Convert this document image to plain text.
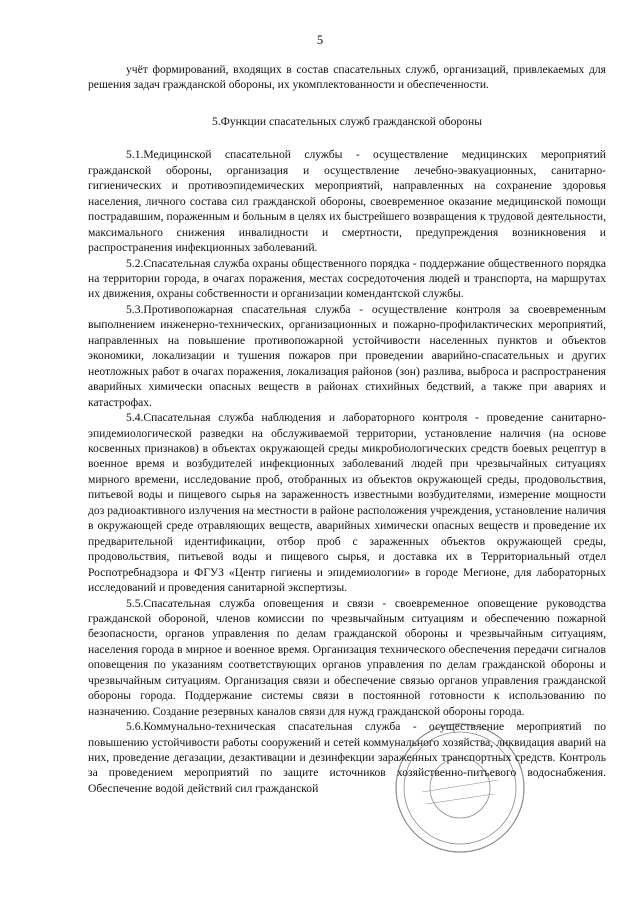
5

учёт формирований, входящих в состав спасательных служб, организаций, привлекаемых для решения задач гражданской обороны, их укомплектованности и обеспеченности.

5.Функции спасательных служб гражданской обороны

5.1.Медицинской спасательной службы - осуществление медицинских мероприятий гражданской обороны, организация и осуществление лечебно-эвакуационных, санитарно-гигиенических и противоэпидемических мероприятий, направленных на сохранение здоровья населения, личного состава сил гражданской обороны, своевременное оказание медицинской помощи пострадавшим, пораженным и больным в целях их быстрейшего возвращения к трудовой деятельности, максимального снижения инвалидности и смертности, предупреждения возникновения и распространения инфекционных заболеваний.

5.2.Спасательная служба охраны общественного порядка - поддержание общественного порядка на территории города, в очагах поражения, местах сосредоточения людей и транспорта, на маршрутах их движения, охраны собственности и организации комендантской службы.

5.3.Противопожарная спасательная служба - осуществление контроля за своевременным выполнением инженерно-технических, организационных и пожарно-профилактических мероприятий, направленных на повышение противопожарной устойчивости населенных пунктов и объектов экономики, локализации и тушения пожаров при проведении аварийно-спасательных и других неотложных работ в очагах поражения, локализация районов (зон) разлива, выброса и распространения аварийных химически опасных веществ в районах стихийных бедствий, а также при авариях и катастрофах.

5.4.Спасательная служба наблюдения и лабораторного контроля - проведение санитарно-эпидемиологической разведки на обслуживаемой территории, установление наличия (на основе косвенных признаков) в объектах окружающей среды микробиологических средств боевых рецептур в военное время и возбудителей инфекционных заболеваний людей при чрезвычайных ситуациях мирного времени, исследование проб, отобранных из объектов окружающей среды, продовольствия, питьевой воды и пищевого сырья на зараженность известными возбудителями, измерение мощности доз радиоактивного излучения на местности в районе расположения учреждения, установление наличия в окружающей среде отравляющих веществ, аварийных химически опасных веществ и проведение их предварительной идентификации, отбор проб с зараженных объектов окружающей среды, продовольствия, питьевой воды и пищевого сырья, и доставка их в Территориальный отдел Роспотребнадзора и ФГУЗ «Центр гигиены и эпидемиологии» в городе Мегионе, для лабораторных исследований и проведения санитарной экспертизы.

5.5.Спасательная служба оповещения и связи - своевременное оповещение руководства гражданской обороной, членов комиссии по чрезвычайным ситуациям и обеспечению пожарной безопасности, органов управления по делам гражданской обороны и чрезвычайным ситуациям, населения города в мирное и военное время. Организация технического обеспечения передачи сигналов оповещения по указаниям соответствующих органов управления по делам гражданской обороны и чрезвычайным ситуациям. Организация связи и обеспечение связью органов управления гражданской обороны города. Поддержание системы связи в постоянной готовности к использованию по назначению. Создание резервных каналов связи для нужд гражданской обороны города.

5.6.Коммунально-техническая спасательная служба - осуществление мероприятий по повышению устойчивости работы сооружений и сетей коммунального хозяйства, ликвидация аварий на них, проведение дегазации, дезактивации и дезинфекции зараженных транспортных средств. Контроль за проведением мероприятий по защите источников хозяйственно-питьевого водоснабжения. Обеспечение водой действий сил гражданской
